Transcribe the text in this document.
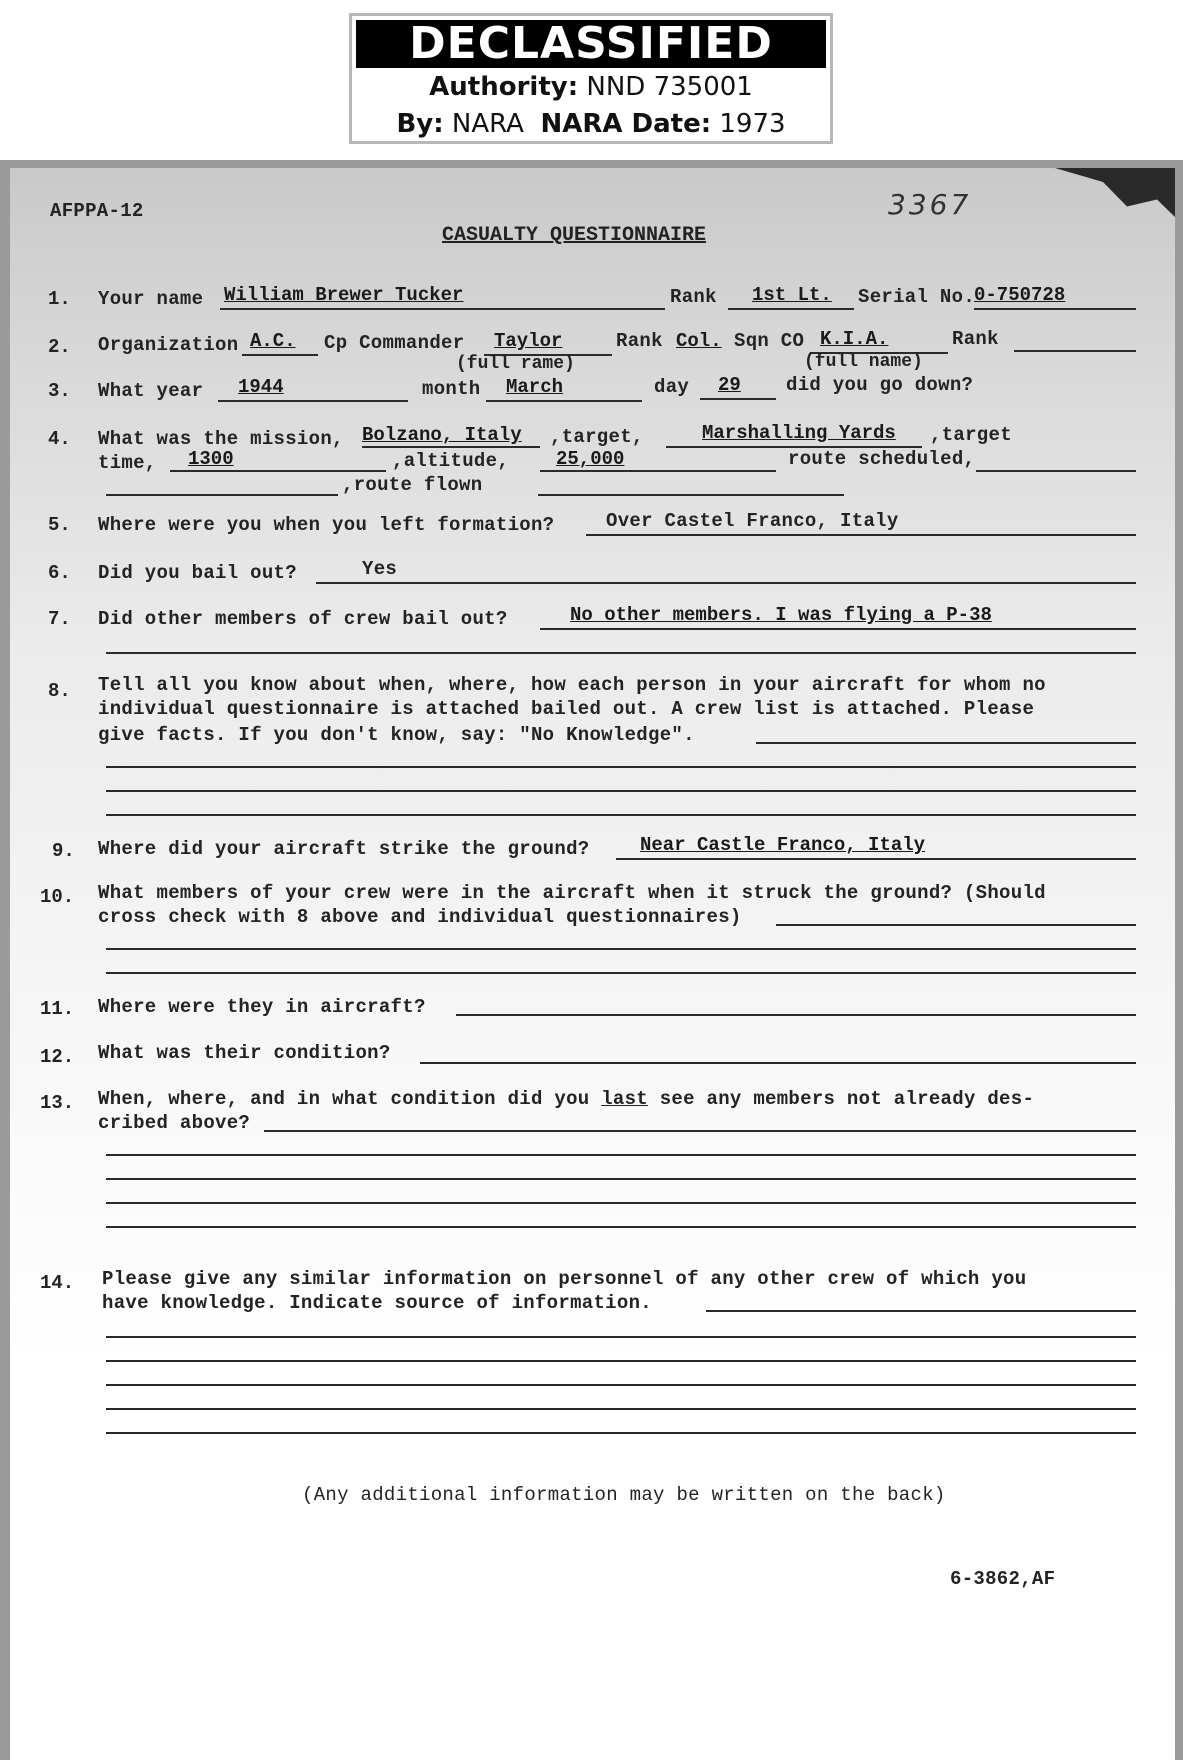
DECLASSIFIED
Authority: NND 735001
By: NARA NARA Date: 1973
AFPPA-12
CASUALTY QUESTIONNAIRE
3367
1. Your name William Brewer Tucker	Rank 1st Lt. Serial No.
0-750728
2. Organization A.C. Cp Commander Taylor	Rank Col. Sqn CO K.I.A.	Rank
(full rame)	(full name)
3. What year 1944	month March	day 29 did you go down?
4. What was the mission, Bolzano, Italy ,target,	Marshalling Yards ,target
time, 1300	,altitude, 25,000	route scheduled,
,route flown
5. Where were you when you left formation?	Over Castel Franco, Italy
6. Did you bail out?	Yes
7. Did other members of crew bail out?	No other members. I was flying a P-38
8. Tell all you know about when, where, how each person in your aircraft for whom no
individual questionnaire is attached bailed out. A crew list is attached. Please
give facts. If you don't know, say: "No Knowledge".
9. Where did your aircraft strike the ground?	Near Castle Franco, Italy
10. What members of your crew were in the aircraft when it struck the ground? (Should
cross check with 8 above and individual questionnaires)
11. Where were they in aircraft?
12. What was their condition?
13. When, where, and in what condition did you last see any members not already des-
cribed above?
14. Please give any similar information on personnel of any other crew of which you
have knowledge. Indicate source of information.
(Any additional information may be written on the back)
6-3862,AF
